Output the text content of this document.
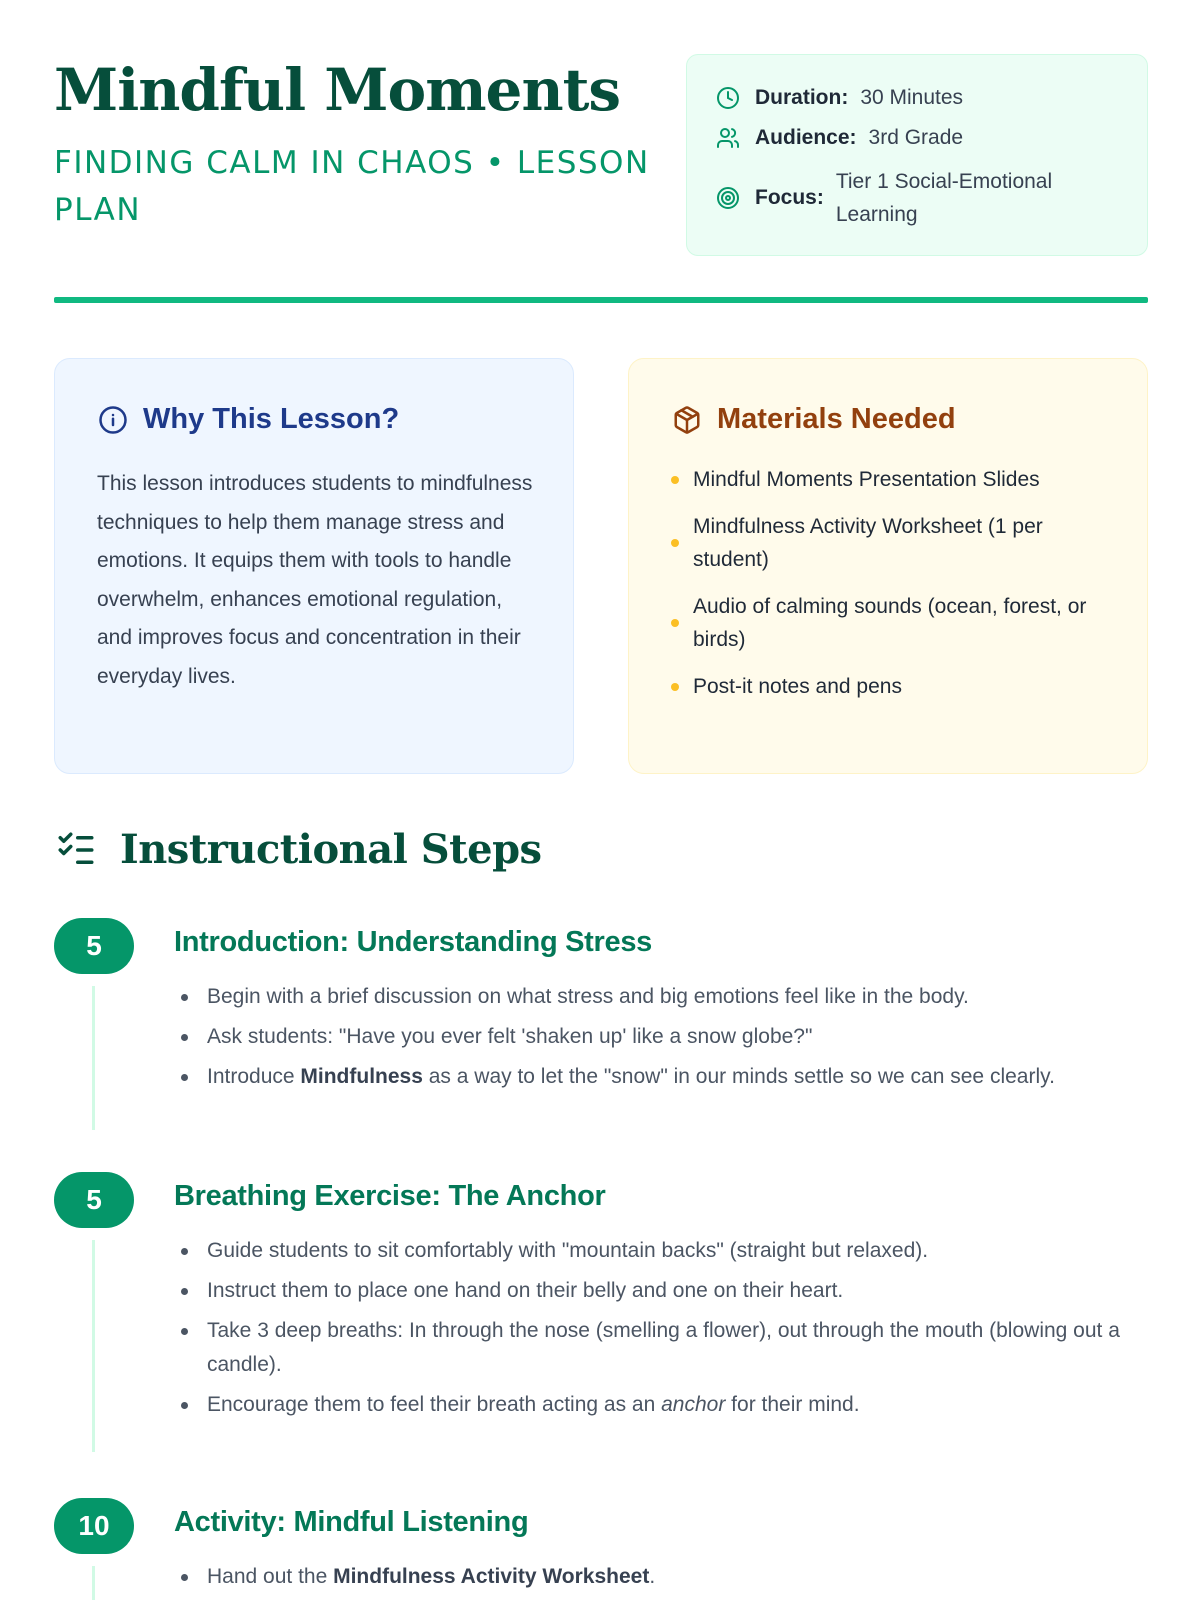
Mindful Moments
FINDING CALM IN CHAOS • LESSON PLAN
Duration: 30 Minutes
Audience: 3rd Grade
Focus:
Tier 1 Social-Emotional Learning
Why This Lesson?

This lesson introduces students to mindfulness techniques to help them manage stress and emotions. It equips them with tools to handle overwhelm, enhances emotional regulation, and improves focus and concentration in their everyday lives.

Materials Needed
Mindful Moments Presentation Slides
Mindfulness Activity Worksheet (1 per student)
Audio of calming sounds (ocean, forest, or birds)
Post-it notes and pens
Instructional Steps
5	Introduction: Understanding Stress
Begin with a brief discussion on what stress and big emotions feel like in the body.
Ask students: "Have you ever felt 'shaken up' like a snow globe?"
Introduce Mindfulness as a way to let the "snow" in our minds settle so we can see clearly.
5	Breathing Exercise: The Anchor
Guide students to sit comfortably with "mountain backs" (straight but relaxed).
Instruct them to place one hand on their belly and one on their heart.
Take 3 deep breaths: In through the nose (smelling a flower), out through the mouth (blowing out a candle).
Encourage them to feel their breath acting as an anchor for their mind.
10	Activity: Mindful Listening
Hand out the Mindfulness Activity Worksheet.
